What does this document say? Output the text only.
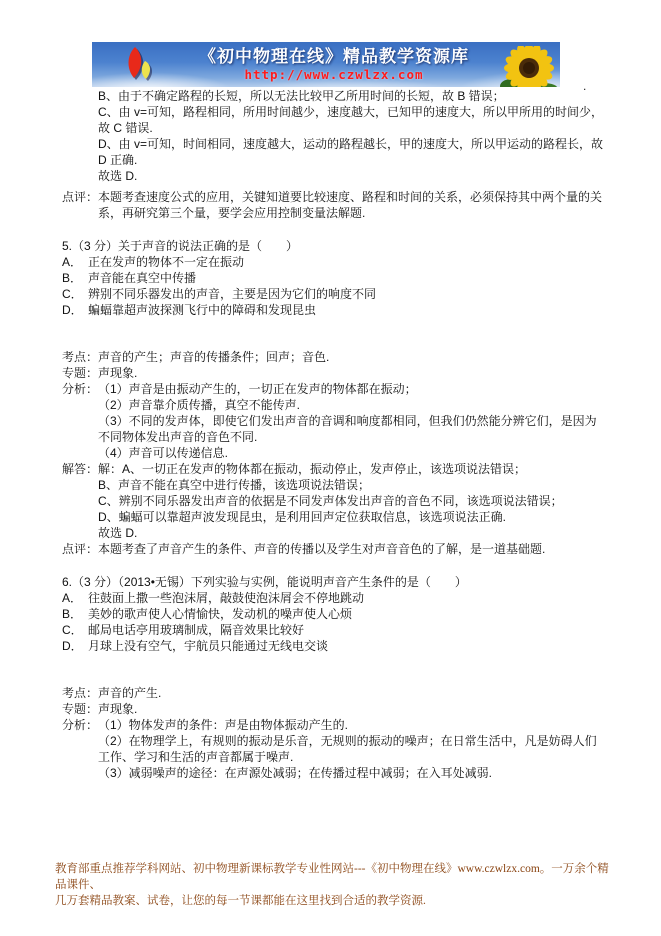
《初中物理在线》精品教学资源库
http://www.czwlzx.com
.
B、由于不确定路程的长短，所以无法比较甲乙所用时间的长短，故 B 错误；
C、由 v=可知，路程相同，所用时间越少，速度越大，已知甲的速度大，所以甲所用的时间少，故 C 错误.
D、由 v=可知，时间相同，速度越大，运动的路程越长，甲的速度大，所以甲运动的路程长，故 D 正确.
故选 D.
点评： 本题考查速度公式的应用，关键知道要比较速度、路程和时间的关系，必须保持其中两个量的关系，再研究第三个量，要学会应用控制变量法解题.
5.（3 分）关于声音的说法正确的是（　　）
A． 正在发声的物体不一定在振动
B． 声音能在真空中传播
C． 辨别不同乐器发出的声音，主要是因为它们的响度不同
D． 蝙蝠靠超声波探测飞行中的障碍和发现昆虫
考点： 声音的产生；声音的传播条件；回声；音色.
专题： 声现象.
分析： （1）声音是由振动产生的，一切正在发声的物体都在振动；
（2）声音靠介质传播，真空不能传声.
（3）不同的发声体，即使它们发出声音的音调和响度都相同，但我们仍然能分辨它们，是因为不同物体发出声音的音色不同.
（4）声音可以传递信息.
解答： 解：A、一切正在发声的物体都在振动，振动停止，发声停止，该选项说法错误；
B、声音不能在真空中进行传播，该选项说法错误；
C、辨别不同乐器发出声音的依据是不同发声体发出声音的音色不同，该选项说法错误；
D、蝙蝠可以靠超声波发现昆虫，是利用回声定位获取信息，该选项说法正确.
故选 D.
点评： 本题考查了声音产生的条件、声音的传播以及学生对声音音色的了解，是一道基础题.
6.（3 分）（2013•无锡）下列实验与实例，能说明声音产生条件的是（　　）
A． 往鼓面上撒一些泡沫屑，敲鼓使泡沫屑会不停地跳动
B． 美妙的歌声使人心情愉快，发动机的噪声使人心烦
C． 邮局电话亭用玻璃制成，隔音效果比较好
D． 月球上没有空气，宇航员只能通过无线电交谈
考点： 声音的产生.
专题： 声现象.
分析： （1）物体发声的条件：声是由物体振动产生的.
（2）在物理学上，有规则的振动是乐音，无规则的振动的噪声；在日常生活中，凡是妨碍人们工作、学习和生活的声音都属于噪声.
（3）减弱噪声的途径：在声源处减弱；在传播过程中减弱；在入耳处减弱.
教育部重点推荐学科网站、初中物理新课标教学专业性网站---《初中物理在线》www.czwlzx.com。一万余个精品课件、
几万套精品教案、试卷，让您的每一节课都能在这里找到合适的教学资源.
